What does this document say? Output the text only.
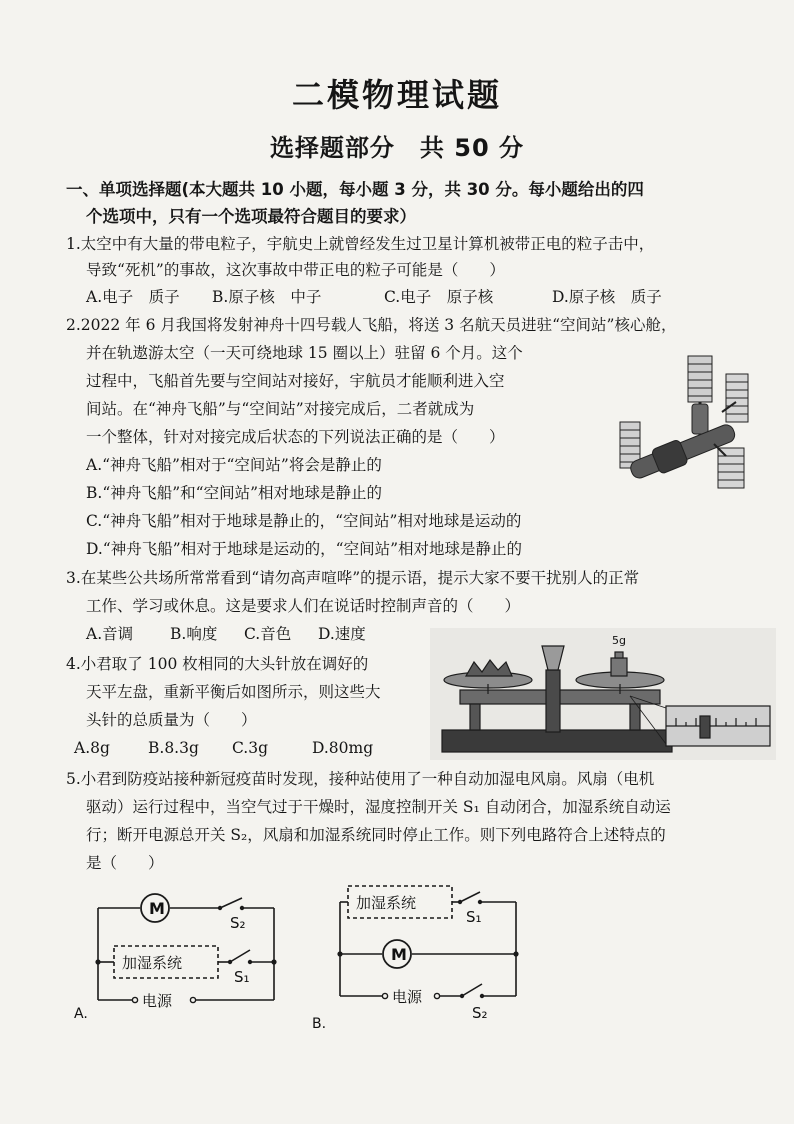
二模物理试题
选择题部分　共 50 分
一、单项选择题(本大题共 10 小题，每小题 3 分，共 30 分。每小题给出的四
个选项中，只有一个选项最符合题目的要求）
1.太空中有大量的带电粒子，宇航史上就曾经发生过卫星计算机被带正电的粒子击中，
导致“死机”的事故，这次事故中带正电的粒子可能是（　　）
A.电子　质子 B.原子核　中子	C.电子　原子核	D.原子核　质子
2.2022 年 6 月我国将发射神舟十四号载人飞船，将送 3 名航天员进驻“空间站”核心舱，
并在轨遨游太空（一天可绕地球 15 圈以上）驻留 6 个月。这个
过程中，飞船首先要与空间站对接好，宇航员才能顺利进入空
间站。在“神舟飞船”与“空间站”对接完成后，二者就成为
一个整体，针对对接完成后状态的下列说法正确的是（　　）
A.“神舟飞船”相对于“空间站”将会是静止的
B.“神舟飞船”和“空间站”相对地球是静止的
C.“神舟飞船”相对于地球是静止的，“空间站”相对地球是运动的
D.“神舟飞船”相对于地球是运动的，“空间站”相对地球是静止的
3.在某些公共场所常常看到“请勿高声喧哗”的提示语，提示大家不要干扰别人的正常
工作、学习或休息。这是要求人们在说话时控制声音的（　　）
A.音调 B.响度 C.音色 D.速度
4.小君取了 100 枚相同的大头针放在调好的
天平左盘，重新平衡后如图所示，则这些大
头针的总质量为（　　）
A.8g B.8.3g C.3g	D.80mg
5g
5.小君到防疫站接种新冠疫苗时发现，接种站使用了一种自动加湿电风扇。风扇（电机
驱动）运行过程中，当空气过于干燥时，湿度控制开关 S₁ 自动闭合，加湿系统自动运
行；断开电源总开关 S₂，风扇和加湿系统同时停止工作。则下列电路符合上述特点的
是（　　）
M
S₂
加湿系统
S₁
电源
A.
加湿系统
S₁
M
电源
S₂
B.
